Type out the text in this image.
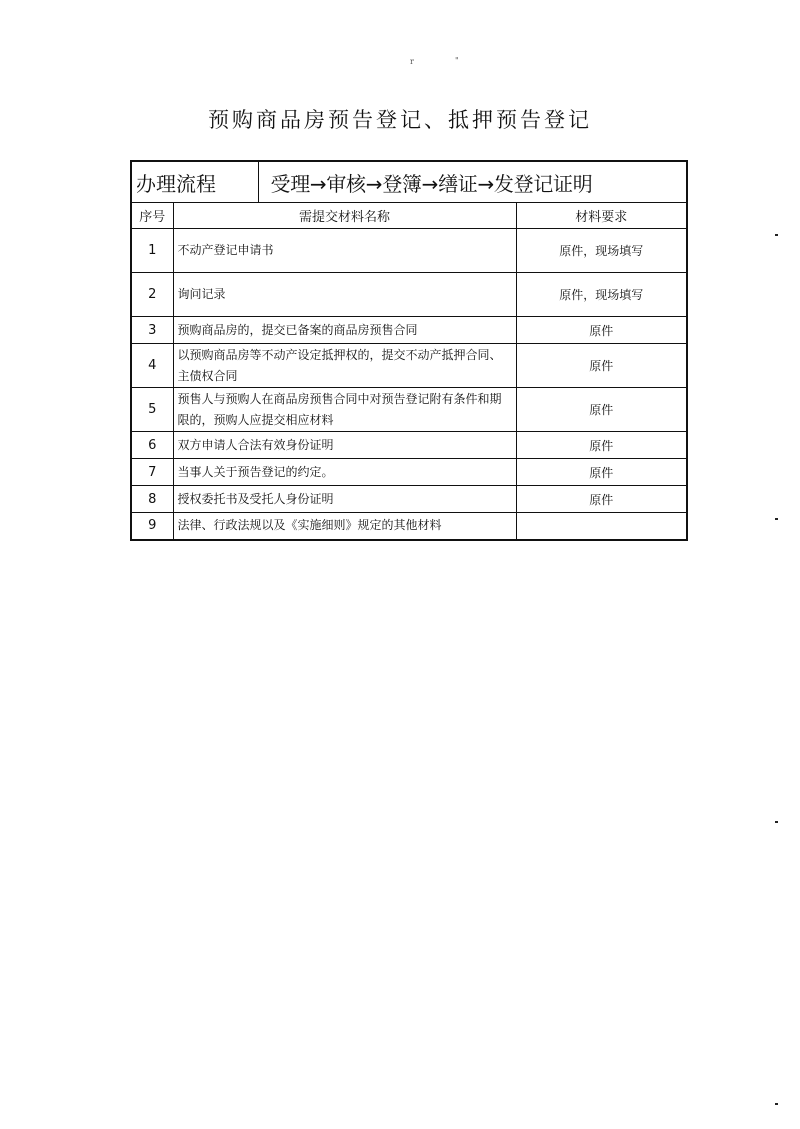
r	"
预购商品房预告登记、抵押预告登记
办理流程		受理→审核→登簿→缮证→发登记证明	
序号	需提交材料名称		材料要求
1	不动产登记申请书		原件，现场填写
2	询问记录		原件，现场填写
3	预购商品房的，提交已备案的商品房预售合同		原件
4	以预购商品房等不动产设定抵押权的，提交不动产抵押合同、主债权合同		原件
5	预售人与预购人在商品房预售合同中对预告登记附有条件和期限的，预购人应提交相应材料		原件
6	双方申请人合法有效身份证明		原件
7	当事人关于预告登记的约定。		原件
8	授权委托书及受托人身份证明		原件
9	法律、行政法规以及《实施细则》规定的其他材料		
